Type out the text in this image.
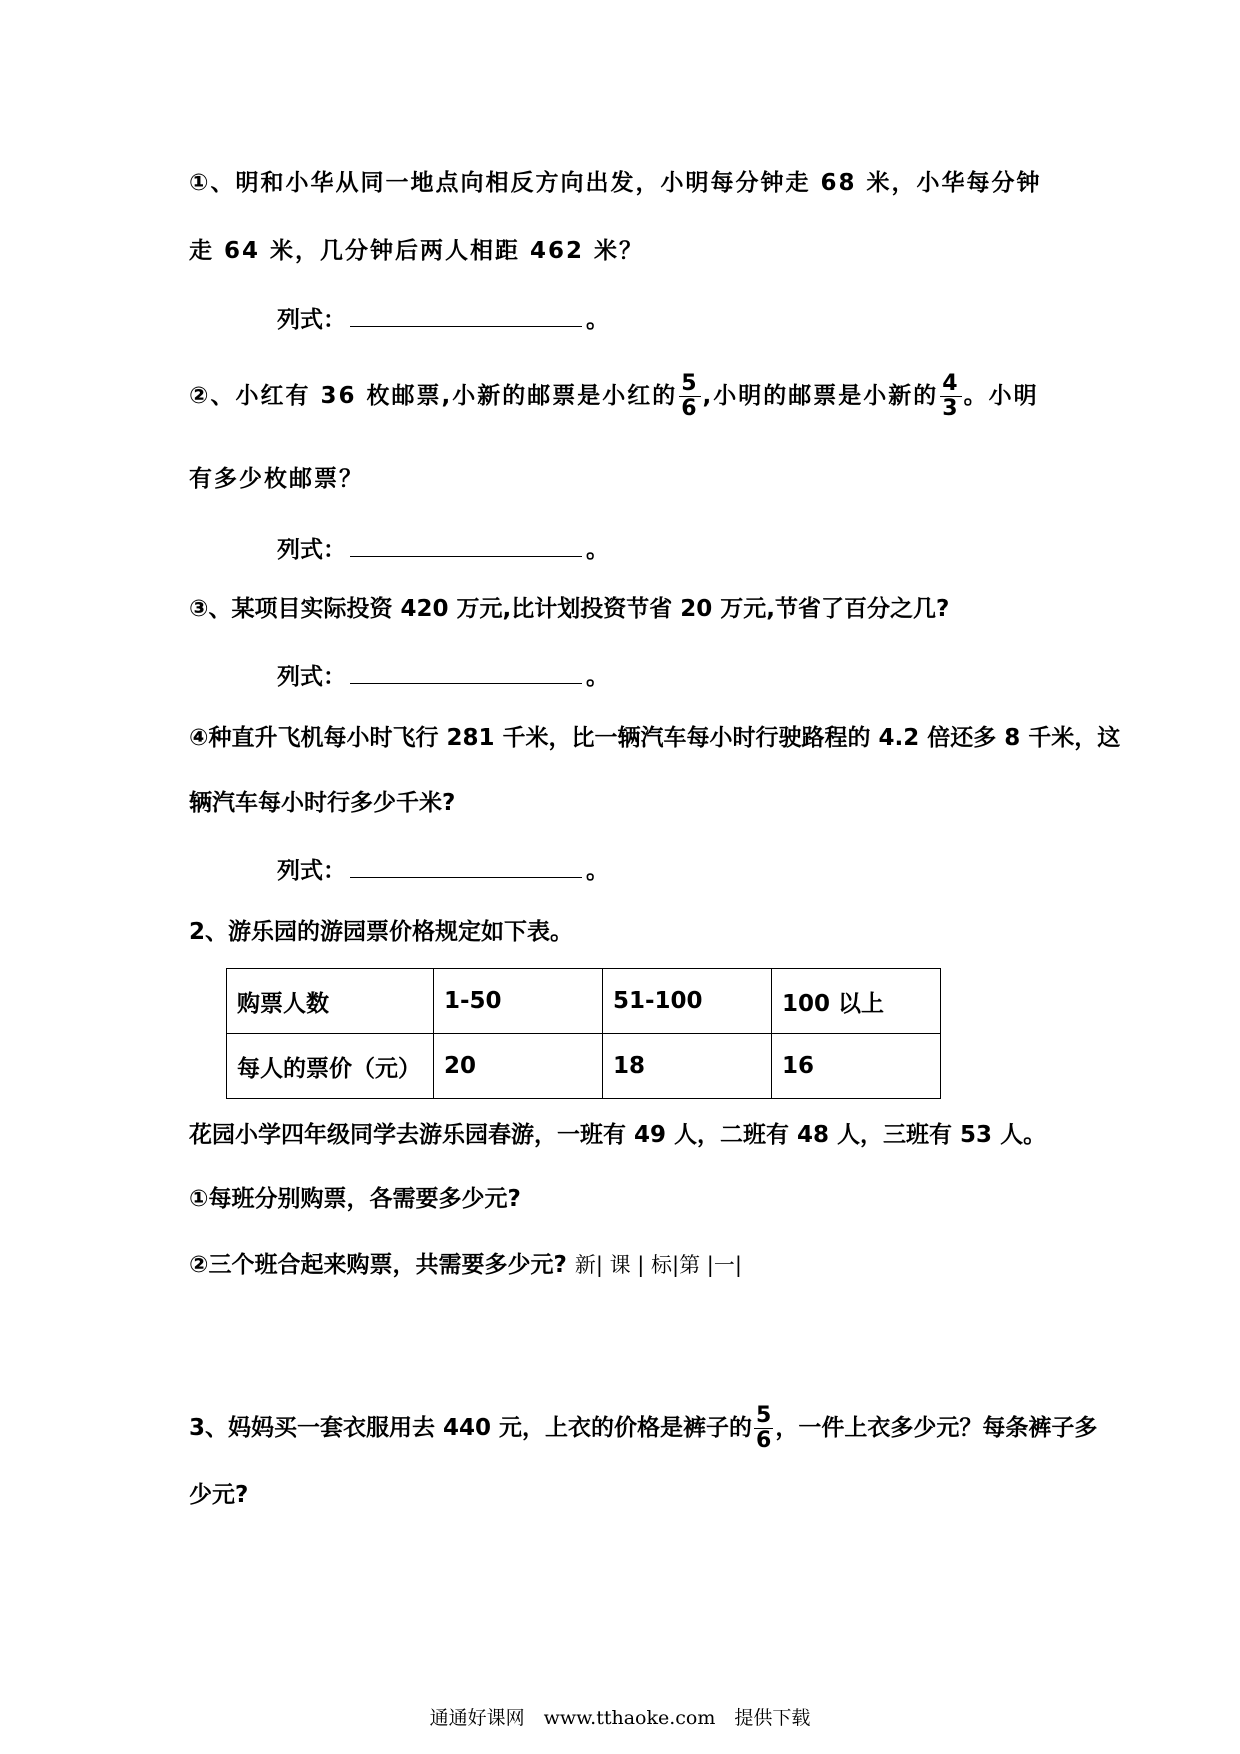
①、明和小华从同一地点向相反方向出发，小明每分钟走 68 米，小华每分钟
走 64 米，几分钟后两人相距 462 米？
列式：	。
②、小红有 36 枚邮票,小新的邮票是小红的 $\frac{5}{6}$ ,小明的邮票是小新的 $\frac{4}{3}$ 。小明
有多少枚邮票？
列式：	。
③、某项目实际投资 420 万元,比计划投资节省 20 万元,节省了百分之几?
列式：	。
④种直升飞机每小时飞行 281 千米，比一辆汽车每小时行驶路程的 4.2 倍还多 8 千米，这
辆汽车每小时行多少千米?
列式：	。
2、游乐园的游园票价格规定如下表。
购票人数	1-50	51-100	100 以上
每人的票价（元）	20	18	16
花园小学四年级同学去游乐园春游，一班有 49 人，二班有 48 人，三班有 53 人。
①每班分别购票，各需要多少元?
②三个班合起来购票，共需要多少元? 新| 课 | 标|第 |一|
3、妈妈买一套衣服用去 440 元，上衣的价格是裤子的 $\frac{5}{6}$ ，一件上衣多少元？每条裤子多
少元?
通通好课网　www.tthaoke.com　提供下载
